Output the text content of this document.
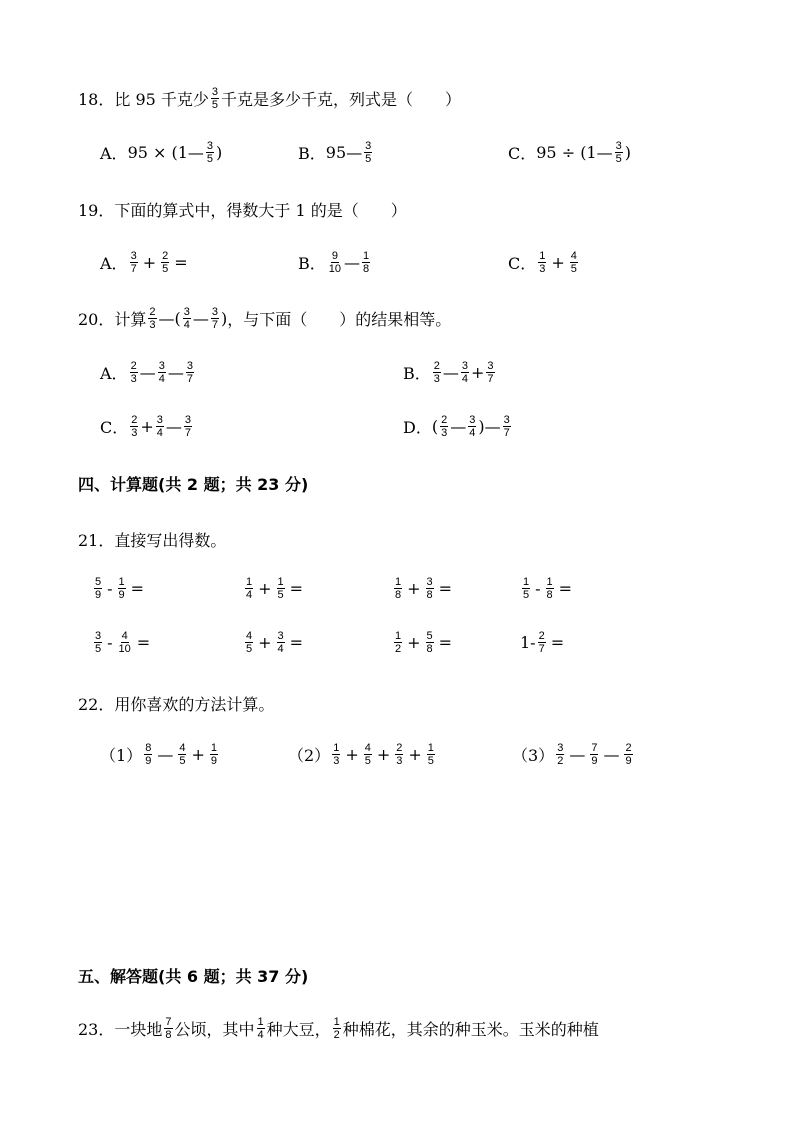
18．比 95 千克少 $\frac{3}{5}$ 千克是多少千克，列式是（　　）
A． 95 × (1— $\frac{3}{5}$ )	B． 95— $\frac{3}{5}$	C． 95 ÷ (1— $\frac{3}{5}$ )
19．下面的算式中，得数大于 1 的是（　　）
A． $\frac{3}{7} + \frac{2}{5}$ =	B． $\frac{9}{10}$ — $\frac{1}{8}$	C． $\frac{1}{3} + \frac{4}{5}$
20．计算 $\frac{2}{3}$ —( $\frac{3}{4}$ — $\frac{3}{7}$ ) ，与下面（　　）的结果相等。
A． $\frac{2}{3}$ — $\frac{3}{4}$ — $\frac{3}{7}$	B． $\frac{2}{3}$ — $\frac{3}{4} + \frac{3}{7}$
C． $\frac{2}{3} + \frac{3}{4}$ — $\frac{3}{7}$	D． ( $\frac{2}{3}$ — $\frac{3}{4}$ )— $\frac{3}{7}$
四、计算题(共 2 题；共 23 分)
21．直接写出得数。
$\frac{5}{9} - \frac{1}{9}$ =	$\frac{1}{4} + \frac{1}{5}$ =	$\frac{1}{8} + \frac{3}{8}$ =	$\frac{1}{5} - \frac{1}{8}$ =
$\frac{3}{5} - \frac{4}{10}$ =	$\frac{4}{5} + \frac{3}{4}$ =	$\frac{1}{2} + \frac{5}{8}$ =	$1- \frac{2}{7}$ =
22．用你喜欢的方法计算。
$(1) \frac{8}{9}$ — $\frac{4}{5} + \frac{1}{9}$	$(2) \frac{1}{3} + \frac{4}{5} + \frac{2}{3} + \frac{1}{5}$	$(3) \frac{3}{2}$ — $\frac{7}{9}$ — $\frac{2}{9}$
五、解答题(共 6 题；共 37 分)
23．一块地 $\frac{7}{8}$ 公顷，其中 $\frac{1}{4}$ 种大豆， $\frac{1}{2}$ 种棉花，其余的种玉米。玉米的种植
